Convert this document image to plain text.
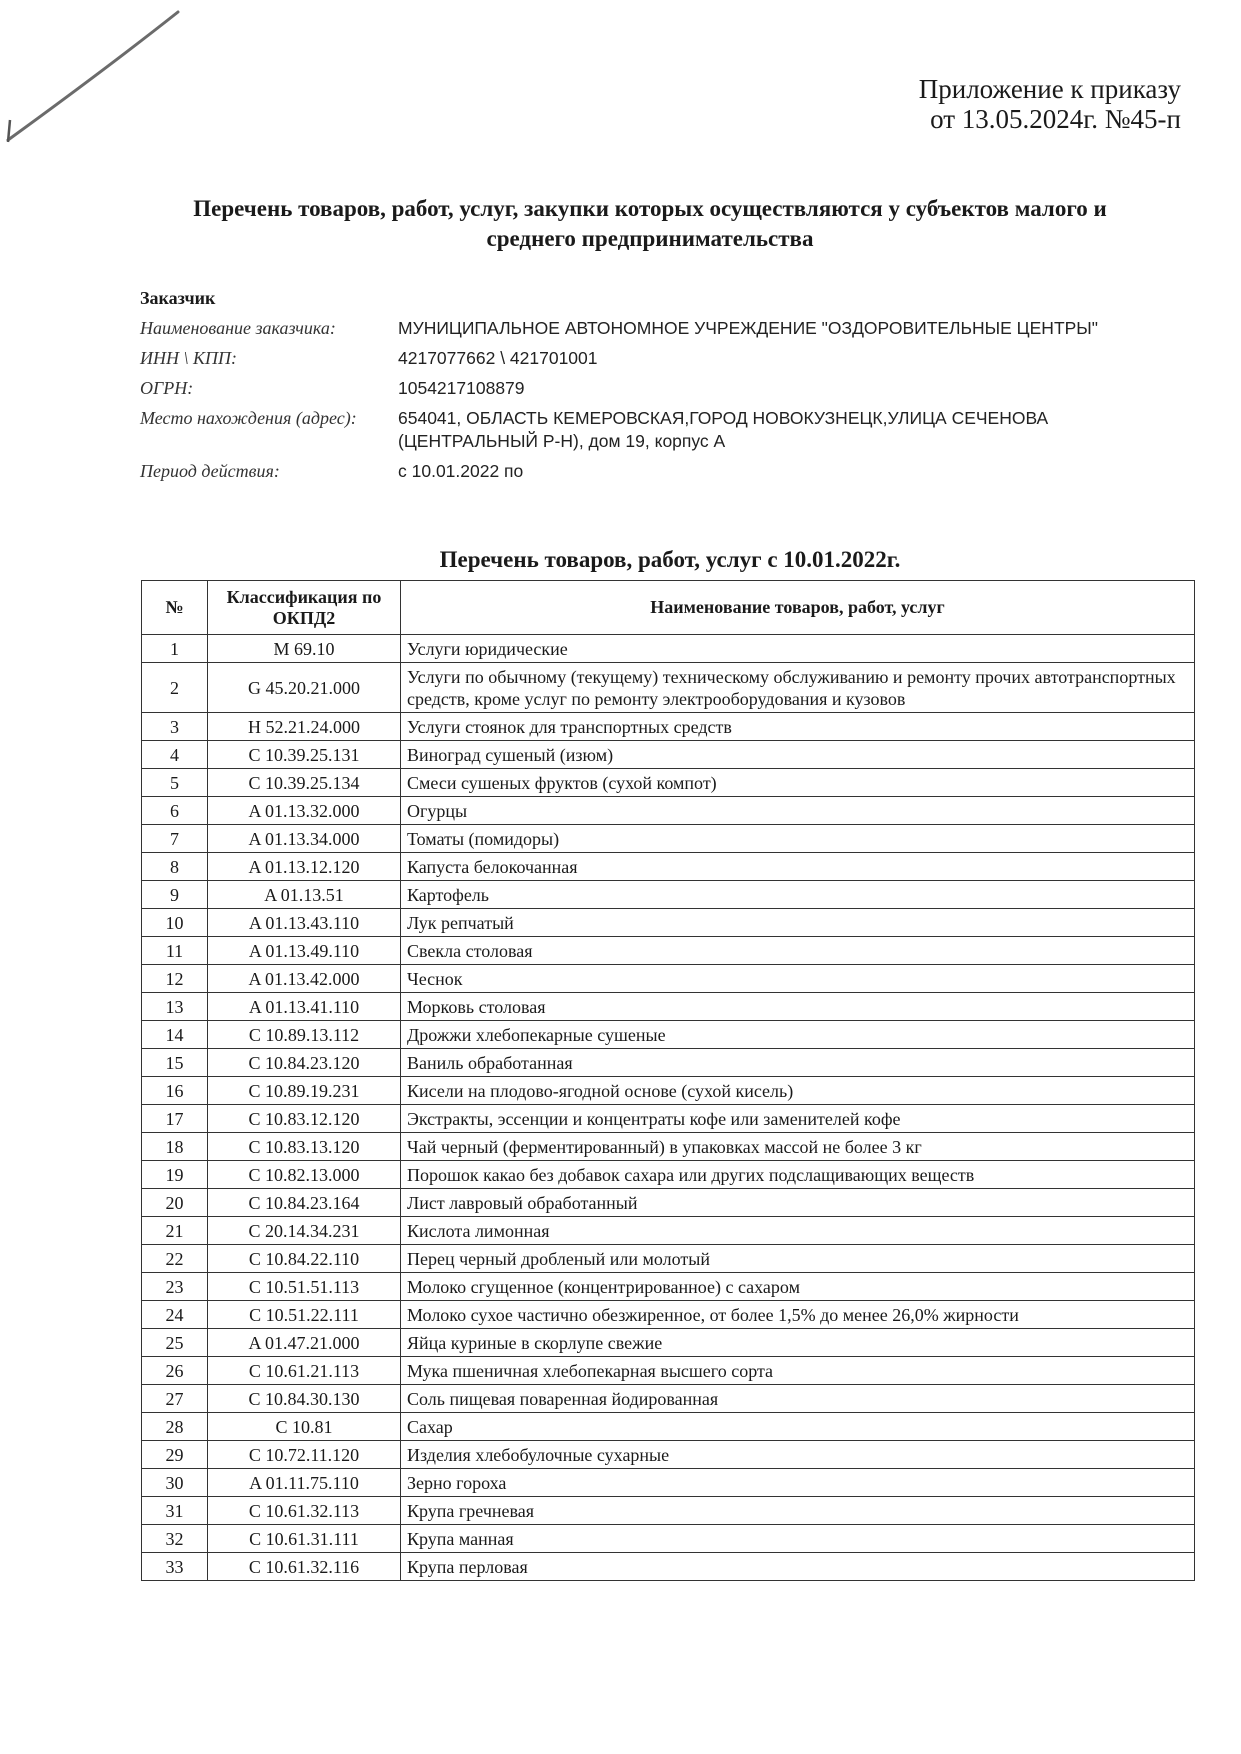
Приложение к приказу
от 13.05.2024г. №45-п
Перечень товаров, работ, услуг, закупки которых осуществляются у субъектов малого и
среднего предпринимательства
Заказчик
Наименование заказчика:	МУНИЦИПАЛЬНОЕ АВТОНОМНОЕ УЧРЕЖДЕНИЕ "ОЗДОРОВИТЕЛЬНЫЕ ЦЕНТРЫ"
ИНН \ КПП:	4217077662 \ 421701001
ОГРН:	1054217108879
Место нахождения (адрес):	654041, ОБЛАСТЬ КЕМЕРОВСКАЯ,ГОРОД НОВОКУЗНЕЦК,УЛИЦА СЕЧЕНОВА (ЦЕНТРАЛЬНЫЙ Р-Н), дом 19, корпус А
Период действия:	с 10.01.2022 по
Перечень товаров, работ, услуг с 10.01.2022г.
№	Классификация по ОКПД2	Наименование товаров, работ, услуг
1	M 69.10	Услуги юридические
2	G 45.20.21.000	Услуги по обычному (текущему) техническому обслуживанию и ремонту прочих автотранспортных средств, кроме услуг по ремонту электрооборудования и кузовов
3	H 52.21.24.000	Услуги стоянок для транспортных средств
4	C 10.39.25.131	Виноград сушеный (изюм)
5	C 10.39.25.134	Смеси сушеных фруктов (сухой компот)
6	A 01.13.32.000	Огурцы
7	A 01.13.34.000	Томаты (помидоры)
8	A 01.13.12.120	Капуста белокочанная
9	A 01.13.51	Картофель
10	A 01.13.43.110	Лук репчатый
11	A 01.13.49.110	Свекла столовая
12	A 01.13.42.000	Чеснок
13	A 01.13.41.110	Морковь столовая
14	C 10.89.13.112	Дрожжи хлебопекарные сушеные
15	C 10.84.23.120	Ваниль обработанная
16	C 10.89.19.231	Кисели на плодово-ягодной основе (сухой кисель)
17	C 10.83.12.120	Экстракты, эссенции и концентраты кофе или заменителей кофе
18	C 10.83.13.120	Чай черный (ферментированный) в упаковках массой не более 3 кг
19	C 10.82.13.000	Порошок какао без добавок сахара или других подслащивающих веществ
20	C 10.84.23.164	Лист лавровый обработанный
21	C 20.14.34.231	Кислота лимонная
22	C 10.84.22.110	Перец черный дробленый или молотый
23	C 10.51.51.113	Молоко сгущенное (концентрированное) с сахаром
24	C 10.51.22.111	Молоко сухое частично обезжиренное, от более 1,5% до менее 26,0% жирности
25	A 01.47.21.000	Яйца куриные в скорлупе свежие
26	C 10.61.21.113	Мука пшеничная хлебопекарная высшего сорта
27	C 10.84.30.130	Соль пищевая поваренная йодированная
28	C 10.81	Сахар
29	C 10.72.11.120	Изделия хлебобулочные сухарные
30	A 01.11.75.110	Зерно гороха
31	C 10.61.32.113	Крупа гречневая
32	C 10.61.31.111	Крупа манная
33	C 10.61.32.116	Крупа перловая
